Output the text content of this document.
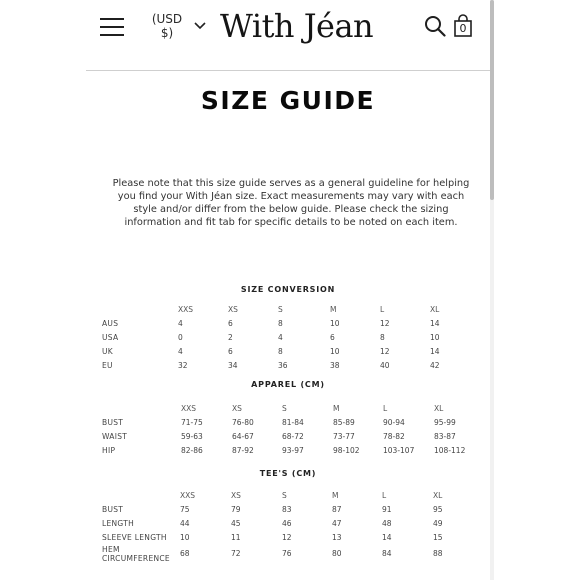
(USD $)	With Jéan	0
SIZE GUIDE
Please note that this size guide serves as a general guideline for helping you find your With Jéan size. Exact measurements may vary with each style and/or differ from the below guide. Please check the sizing information and fit tab for specific details to be noted on each item.
SIZE CONVERSION
XXS	XS	S	M	L	XL
AUS	4	6	8	10	12	14
USA	0	2	4	6	8	10
UK	4	6	8	10	12	14
EU	32	34	36	38	40	42
APPAREL (CM)
XXS	XS	S	M	L	XL
BUST	71-75	76-80	81-84	85-89	90-94	95-99
WAIST	59-63	64-67	68-72	73-77	78-82	83-87
HIP	82-86	87-92	93-97	98-102	103-107	108-112
TEE'S (CM)
XXS	XS	S	M	L	XL
BUST	75	79	83	87	91	95
LENGTH	44	45	46	47	48	49
SLEEVE LENGTH 10	11	12	13	14	15
HEM
CIRCUMFERENCE
68	72	76	80	84	88
